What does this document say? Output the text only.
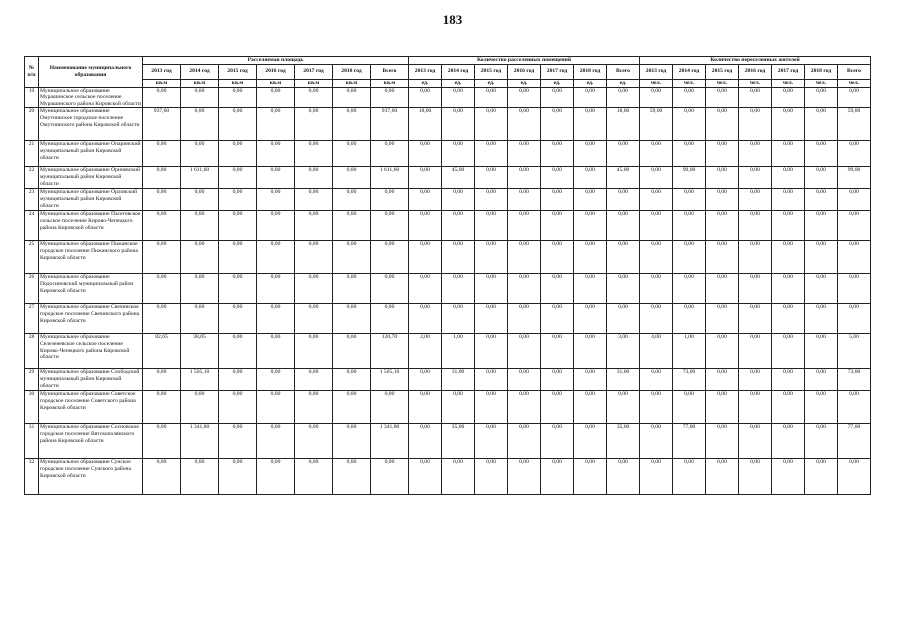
183
№ п/п	Наименование муниципального образования	Расселяемая площадь							Количество расселенных помещений							Количество переселенных жителей						
		2013 год	2014 год	2015 год	2016 год	2017 год	2018 год	Всего	2013 год	2014 год	2015 год	2016 год	2017 год	2018 год	Всего	2013 год	2014 год	2015 год	2016 год	2017 год	2018 год	Всего
		кв.м	кв.м	кв.м	кв.м	кв.м	кв.м	кв.м	ед.	ед.	ед.	ед.	ед.	ед.	ед.	чел.	чел.	чел.	чел.	чел.	чел.	чел.
19	Муниципальное образование Мурашинское сельское поселение Мурашинского района Кировской области	0,00	0,00	0,00	0,00	0,00	0,00	0,00	0,00	0,00	0,00	0,00	0,00	0,00	0,00	0,00	0,00	0,00	0,00	0,00	0,00	0,00
20	Муниципальное образование Омутнинское городское поселение Омутнинского района Кировской области	937,60	0,00	0,00	0,00	0,00	0,00	937,60	18,00	0,00	0,00	0,00	0,00	0,00	18,00	59,00	0,00	0,00	0,00	0,00	0,00	59,00
21	Муниципальное образование Опаринский муниципальный район Кировской области	0,00	0,00	0,00	0,00	0,00	0,00	0,00	0,00	0,00	0,00	0,00	0,00	0,00	0,00	0,00	0,00	0,00	0,00	0,00	0,00	0,00
22	Муниципальное образование Оричевский муниципальный район Кировской области	0,00	1 611,60	0,00	0,00	0,00	0,00	1 611,60	0,00	45,00	0,00	0,00	0,00	0,00	45,00	0,00	99,00	0,00	0,00	0,00	0,00	99,00
23	Муниципальное образование Орловский муниципальный район Кировской области	0,00	0,00	0,00	0,00	0,00	0,00	0,00	0,00	0,00	0,00	0,00	0,00	0,00	0,00	0,00	0,00	0,00	0,00	0,00	0,00	0,00
24	Муниципальное образование Пасеговское сельское поселение Кирово-Чепецкого района Кировской области	0,00	0,00	0,00	0,00	0,00	0,00	0,00	0,00	0,00	0,00	0,00	0,00	0,00	0,00	0,00	0,00	0,00	0,00	0,00	0,00	0,00
25	Муниципальное образование Пижанское городское поселение Пижанского района Кировской области	0,00	0,00	0,00	0,00	0,00	0,00	0,00	0,00	0,00	0,00	0,00	0,00	0,00	0,00	0,00	0,00	0,00	0,00	0,00	0,00	0,00
26	Муниципальное образование Подосиновский муниципальный район Кировской области	0,00	0,00	0,00	0,00	0,00	0,00	0,00	0,00	0,00	0,00	0,00	0,00	0,00	0,00	0,00	0,00	0,00	0,00	0,00	0,00	0,00
27	Муниципальное образование Свечинское городское поселение Свечинского района Кировской области	0,00	0,00	0,00	0,00	0,00	0,00	0,00	0,00	0,00	0,00	0,00	0,00	0,00	0,00	0,00	0,00	0,00	0,00	0,00	0,00	0,00
28	Муниципальное образование Селезеневское сельское поселение Кирово-Чепецкого района Кировской области	82,65	38,05	0,00	0,00	0,00	0,00	120,70	2,00	1,00	0,00	0,00	0,00	0,00	3,00	4,00	1,00	0,00	0,00	0,00	0,00	5,00
29	Муниципальное образование Слободской муниципальный район Кировской области	0,00	1 505,10	0,00	0,00	0,00	0,00	1 505,10	0,00	31,00	0,00	0,00	0,00	0,00	31,00	0,00	73,00	0,00	0,00	0,00	0,00	73,00
30	Муниципальное образование Советское городское поселение Советского района Кировской области	0,00	0,00	0,00	0,00	0,00	0,00	0,00	0,00	0,00	0,00	0,00	0,00	0,00	0,00	0,00	0,00	0,00	0,00	0,00	0,00	0,00
31	Муниципальное образование Сосновское городское поселение Вятскополянского района Кировской области	0,00	1 341,80	0,00	0,00	0,00	0,00	1 341,80	0,00	35,00	0,00	0,00	0,00	0,00	35,00	0,00	77,00	0,00	0,00	0,00	0,00	77,00
32	Муниципальное образование Сунское городское поселение Сунского района Кировской области	0,00	0,00	0,00	0,00	0,00	0,00	0,00	0,00	0,00	0,00	0,00	0,00	0,00	0,00	0,00	0,00	0,00	0,00	0,00	0,00	0,00
